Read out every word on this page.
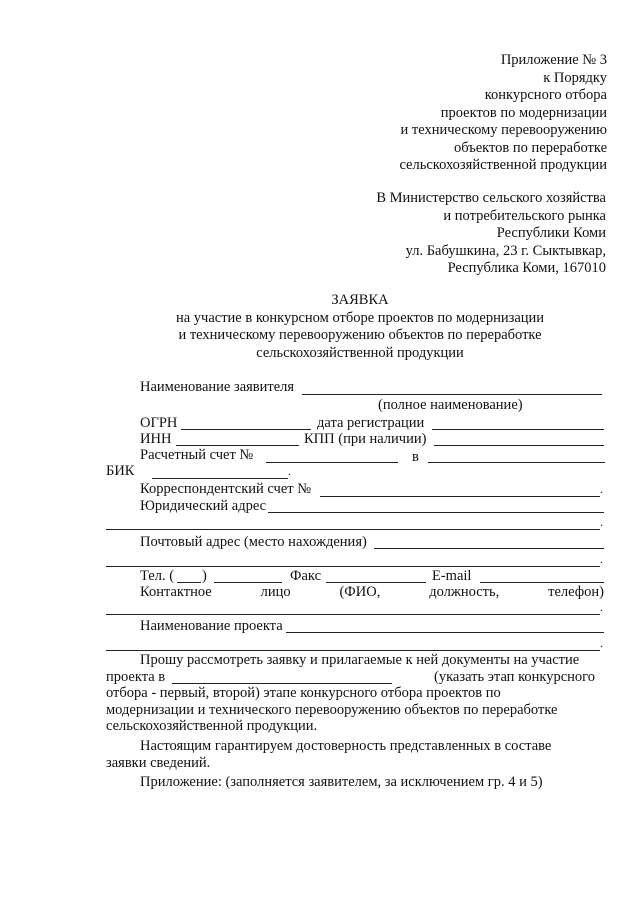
Приложение № 3
к Порядку
конкурсного отбора
проектов по модернизации
и техническому перевооружению
объектов по переработке
сельскохозяйственной продукции
В Министерство сельского хозяйства
и потребительского рынка
Республики Коми
ул. Бабушкина, 23 г. Сыктывкар,
Республика Коми, 167010
ЗАЯВКА
на участие в конкурсном отборе проектов по модернизации
и техническому перевооружению объектов по переработке
сельскохозяйственной продукции
Наименование заявителя
(полное наименование)
ОГРН	дата регистрации
ИНН	КПП (при наличии)
Расчетный счет №	в
БИК	.
Корреспондентский счет №	.
Юридический адрес
.
Почтовый адрес (место нахождения)
.
Тел. ( )	Факс	E-mail
Контактное	лицо	(ФИО,	должность,	телефон)
.
Наименование проекта
.
Прошу рассмотреть заявку и прилагаемые к ней документы на участие
проекта в	(указать этап конкурсного
отбора - первый, второй) этапе конкурсного отбора проектов по
модернизации и технического перевооружению объектов по переработке
сельскохозяйственной продукции.
Настоящим гарантируем достоверность представленных в составе
заявки сведений.
Приложение: (заполняется заявителем, за исключением гр. 4 и 5)
